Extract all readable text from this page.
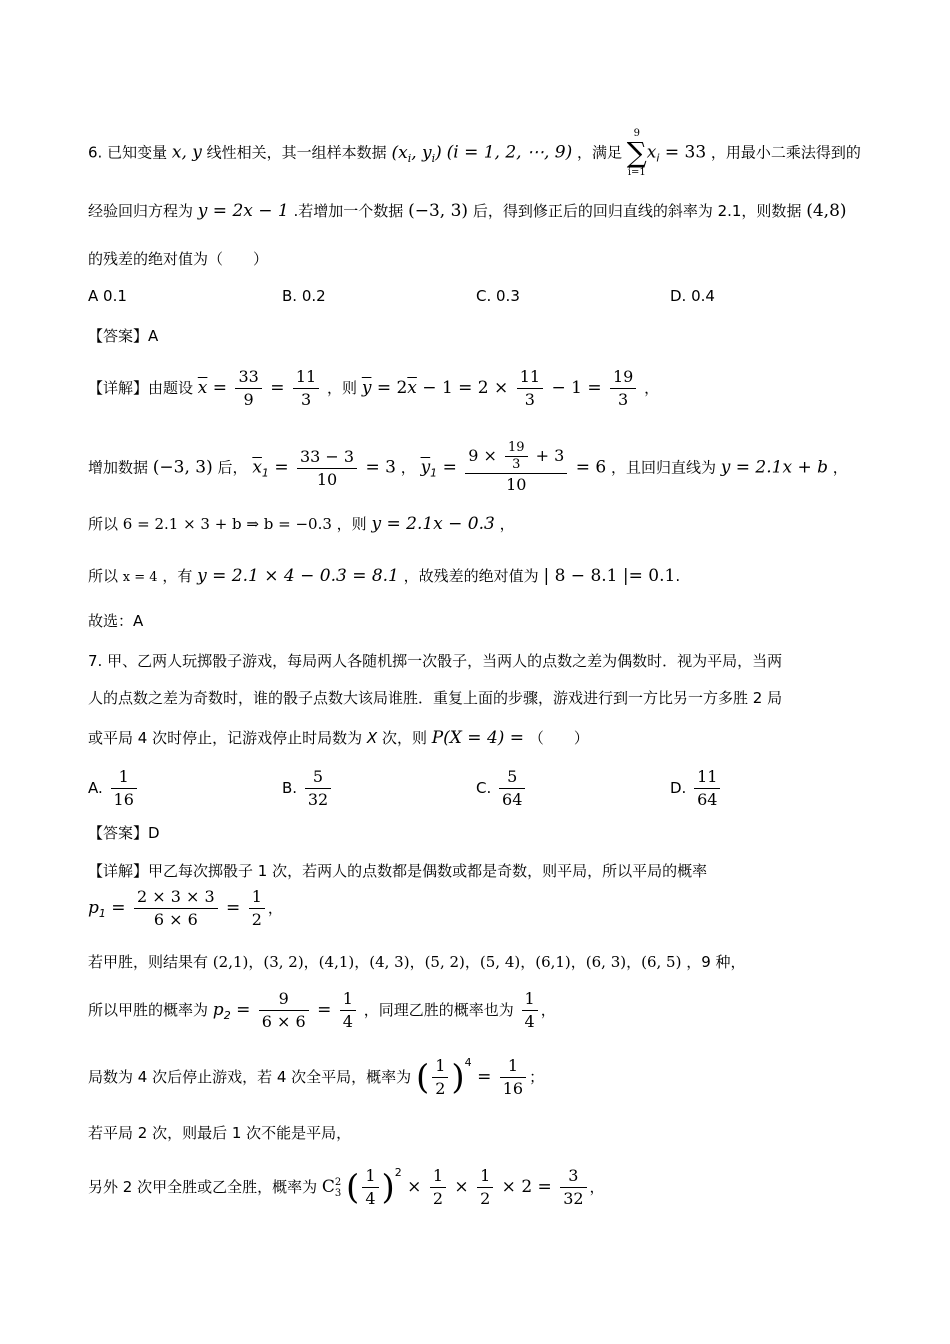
6. 已知变量 x, y 线性相关，其一组样本数据 ($x_i$, $y_i$) (i = 1, 2, ⋯, 9) ，满足
9
∑
i=1
$x_i = 33$ ，用最小二乘法得到的
经验回归方程为 y = 2x − 1 .若增加一个数据 (−3, 3) 后，得到修正后的回归直线的斜率为 2.1，则数据 (4,8)
的残差的绝对值为（　　）
A 0.1	B. 0.2	C. 0.3	D. 0.4
【答案】A
【详解】由题设 $\overline{x} = \frac{33}{9} = \frac{11}{3}$ ，则 $\overline{y} = 2\overline{x} - 1 = 2 \times \frac{11}{3} - 1 = \frac{19}{3}$ ，
增加数据 (−3, 3) 后， $\overline{x}_1 = \frac{33 - 3}{10} = 3$ ， $\overline{y}_1 = \frac{9 \times \frac{19}{3} + 3}{10} = 6$ ，且回归直线为 y = 2.1x + b ，
所以 6 = 2.1 × 3 + b ⇒ b = −0.3 ，则 y = 2.1x − 0.3 ，
所以 x = 4 ，有 y = 2.1 × 4 − 0.3 = 8.1 ，故残差的绝对值为 | 8 − 8.1 |= 0.1.
故选：A
7. 甲、乙两人玩掷骰子游戏，每局两人各随机掷一次骰子，当两人的点数之差为偶数时．视为平局，当两
人的点数之差为奇数时，谁的骰子点数大该局谁胜．重复上面的步骤，游戏进行到一方比另一方多胜 2 局
或平局 4 次时停止，记游戏停止时局数为 X 次，则 P(X = 4) = （　　）
A. $\frac{1}{16}$	B. $\frac{5}{32}$	C. $\frac{5}{64}$	D. $\frac{11}{64}$
【答案】D
【详解】甲乙每次掷骰子 1 次，若两人的点数都是偶数或都是奇数，则平局，所以平局的概率
$p_1 = \frac{2 \times 3 \times 3}{6 \times 6} = \frac{1}{2}$ ，
若甲胜，则结果有 (2,1)，(3, 2)，(4,1)，(4, 3)，(5, 2)，(5, 4)，(6,1)，(6, 3)，(6, 5) ，9 种，
所以甲胜的概率为 $p_2 = \frac{9}{6 \times 6} = \frac{1}{4}$ ，同理乙胜的概率也为 $\frac{1}{4}$ ，
局数为 4 次后停止游戏，若 4 次全平局，概率为 ( $\frac{1}{2} )^4 = \frac{1}{16}$ ；
若平局 2 次，则最后 1 次不能是平局，
另外 2 次甲全胜或乙全胜，概率为 C 2
3 ( $\frac{1}{4} )^2 \times \frac{1}{2} \times \frac{1}{2} \times 2 = \frac{3}{32}$ ，
